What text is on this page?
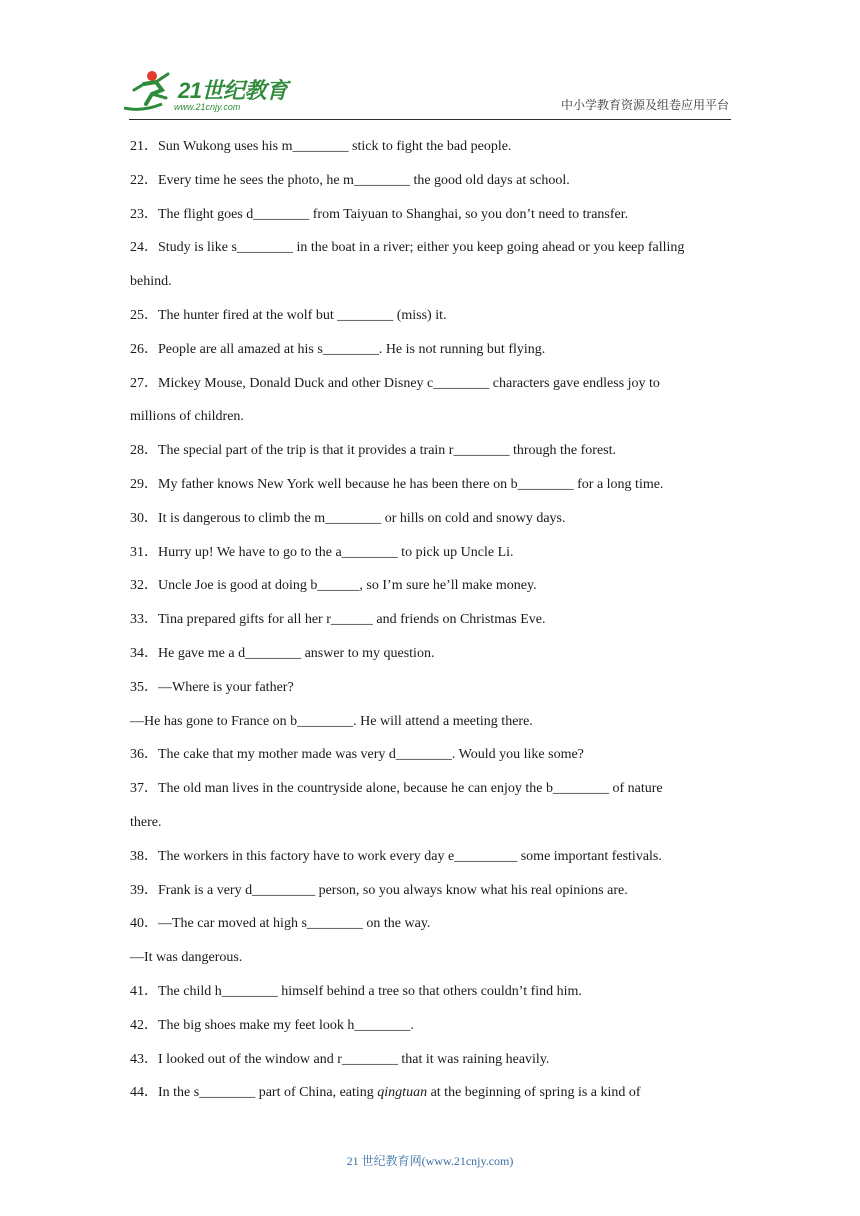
21世纪教育
www.21cnjy.com	中小学教育资源及组卷应用平台
21．Sun Wukong uses his m________ stick to fight the bad people.
22．Every time he sees the photo, he m________ the good old days at school.
23．The flight goes d________ from Taiyuan to Shanghai, so you don’t need to transfer.
24．Study is like s________ in the boat in a river; either you keep going ahead or you keep falling
behind.
25．The hunter fired at the wolf but ________ (miss) it.
26．People are all amazed at his s________. He is not running but flying.
27．Mickey Mouse, Donald Duck and other Disney c________ characters gave endless joy to
millions of children.
28．The special part of the trip is that it provides a train r________ through the forest.
29．My father knows New York well because he has been there on b________ for a long time.
30．It is dangerous to climb the m________ or hills on cold and snowy days.
31．Hurry up! We have to go to the a________ to pick up Uncle Li.
32．Uncle Joe is good at doing b______, so I’m sure he’ll make money.
33．Tina prepared gifts for all her r______ and friends on Christmas Eve.
34．He gave me a d________ answer to my question.
35．—Where is your father?
—He has gone to France on b________. He will attend a meeting there.
36．The cake that my mother made was very d________. Would you like some?
37．The old man lives in the countryside alone, because he can enjoy the b________ of nature
there.
38．The workers in this factory have to work every day e_________ some important festivals.
39．Frank is a very d_________ person, so you always know what his real opinions are.
40．—The car moved at high s________ on the way.
—It was dangerous.
41．The child h________ himself behind a tree so that others couldn’t find him.
42．The big shoes make my feet look h________.
43．I looked out of the window and r________ that it was raining heavily.
44．In the s________ part of China, eating qingtuan at the beginning of spring is a kind of
21 世纪教育网(www.21cnjy.com)
